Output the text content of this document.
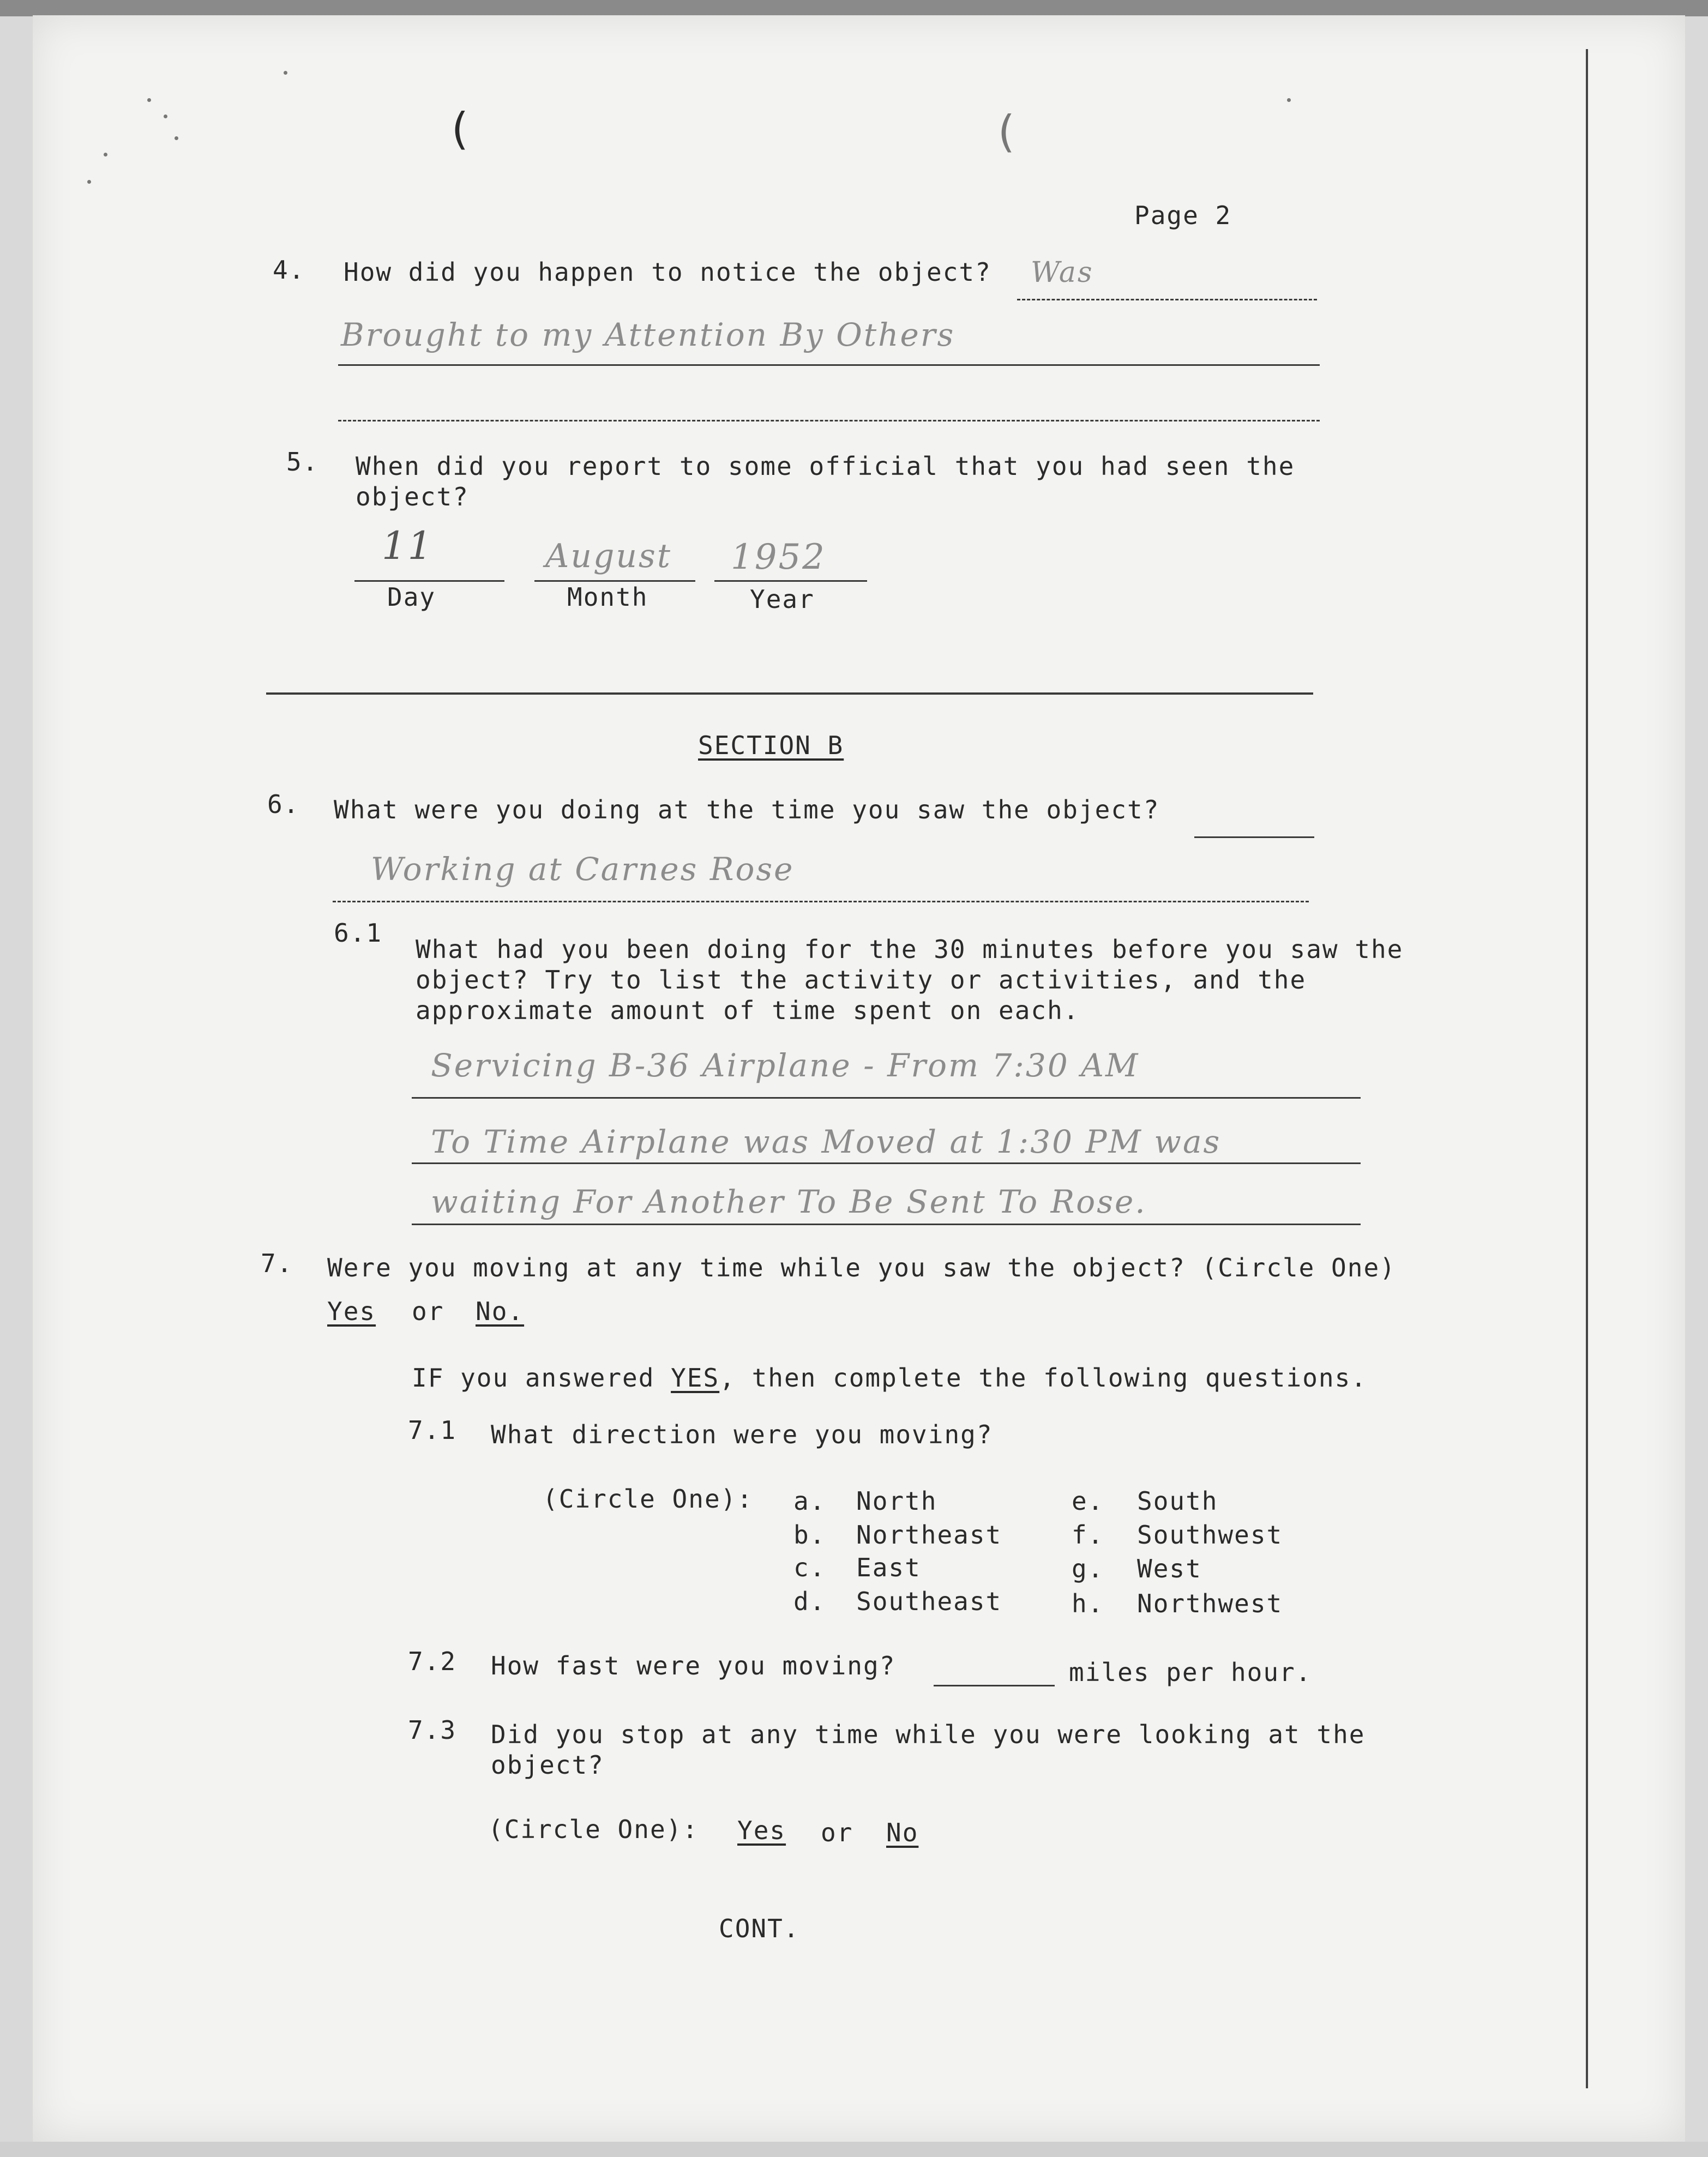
(	(
Page 2
4. How did you happen to notice the object? Was
Brought to my Attention By Others
5. When did you report to some official that you had seen the
object?
11	August 1952
Day	Month	Year
SECTION B
6. What were you doing at the time you saw the object?
Working at Carnes Rose
6.1
What had you been doing for the 30 minutes before you saw the
object? Try to list the activity or activities, and the
approximate amount of time spent on each.
Servicing B-36 Airplane - From 7:30 AM
To Time Airplane was Moved at 1:30 PM was
waiting For Another To Be Sent To Rose.
7. Were you moving at any time while you saw the object? (Circle One)
Yes or No.
IF you answered YES, then complete the following questions.
7.1 What direction were you moving?
(Circle One): a. North
b. Northeast
c. East
d. Southeast
e. South
f. Southwest
g. West
h. Northwest
7.2 How fast were you moving?	miles per hour.
7.3 Did you stop at any time while you were looking at the
object?
(Circle One): Yes or No
CONT.
